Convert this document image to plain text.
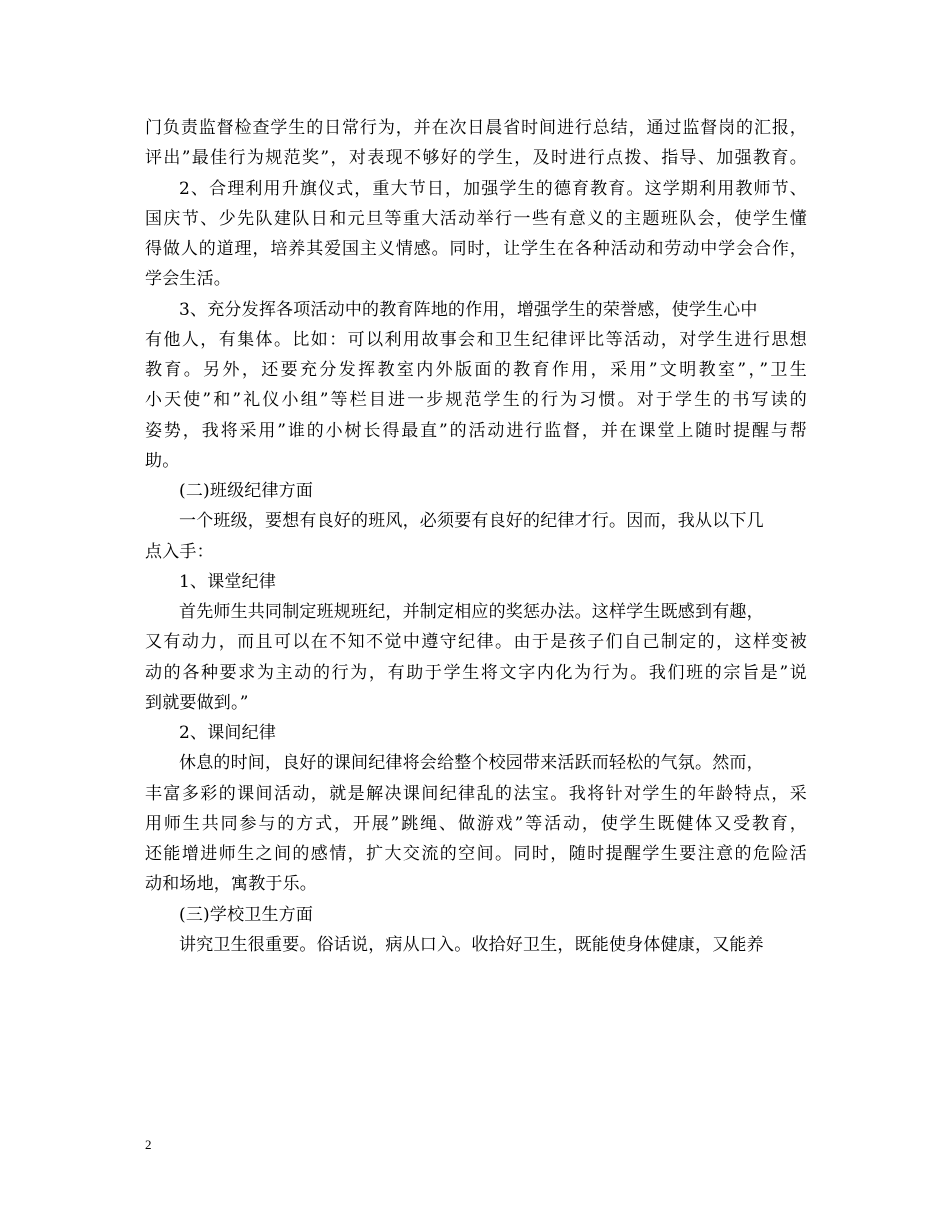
门负责监督检查学生的日常行为，并在次日晨省时间进行总结，通过监督岗的汇报，
评出”最佳行为规范奖”，对表现不够好的学生，及时进行点拨、指导、加强教育。
2、合理利用升旗仪式，重大节日，加强学生的德育教育。这学期利用教师节、
国庆节、少先队建队日和元旦等重大活动举行一些有意义的主题班队会，使学生懂
得做人的道理，培养其爱国主义情感。同时，让学生在各种活动和劳动中学会合作，
学会生活。
3、充分发挥各项活动中的教育阵地的作用，增强学生的荣誉感，使学生心中
有他人，有集体。比如：可以利用故事会和卫生纪律评比等活动，对学生进行思想
教育。另外，还要充分发挥教室内外版面的教育作用，采用”文明教室”，”卫生
小天使”和”礼仪小组”等栏目进一步规范学生的行为习惯。对于学生的书写读的
姿势，我将采用”谁的小树长得最直”的活动进行监督，并在课堂上随时提醒与帮
助。
(二)班级纪律方面
一个班级，要想有良好的班风，必须要有良好的纪律才行。因而，我从以下几
点入手：
1、课堂纪律
首先师生共同制定班规班纪，并制定相应的奖惩办法。这样学生既感到有趣，
又有动力，而且可以在不知不觉中遵守纪律。由于是孩子们自己制定的，这样变被
动的各种要求为主动的行为，有助于学生将文字内化为行为。我们班的宗旨是”说
到就要做到。”
2、课间纪律
休息的时间，良好的课间纪律将会给整个校园带来活跃而轻松的气氛。然而，
丰富多彩的课间活动，就是解决课间纪律乱的法宝。我将针对学生的年龄特点，采
用师生共同参与的方式，开展”跳绳、做游戏”等活动，使学生既健体又受教育，
还能增进师生之间的感情，扩大交流的空间。同时，随时提醒学生要注意的危险活
动和场地，寓教于乐。
(三)学校卫生方面
讲究卫生很重要。俗话说，病从口入。收拾好卫生，既能使身体健康，又能养
2
